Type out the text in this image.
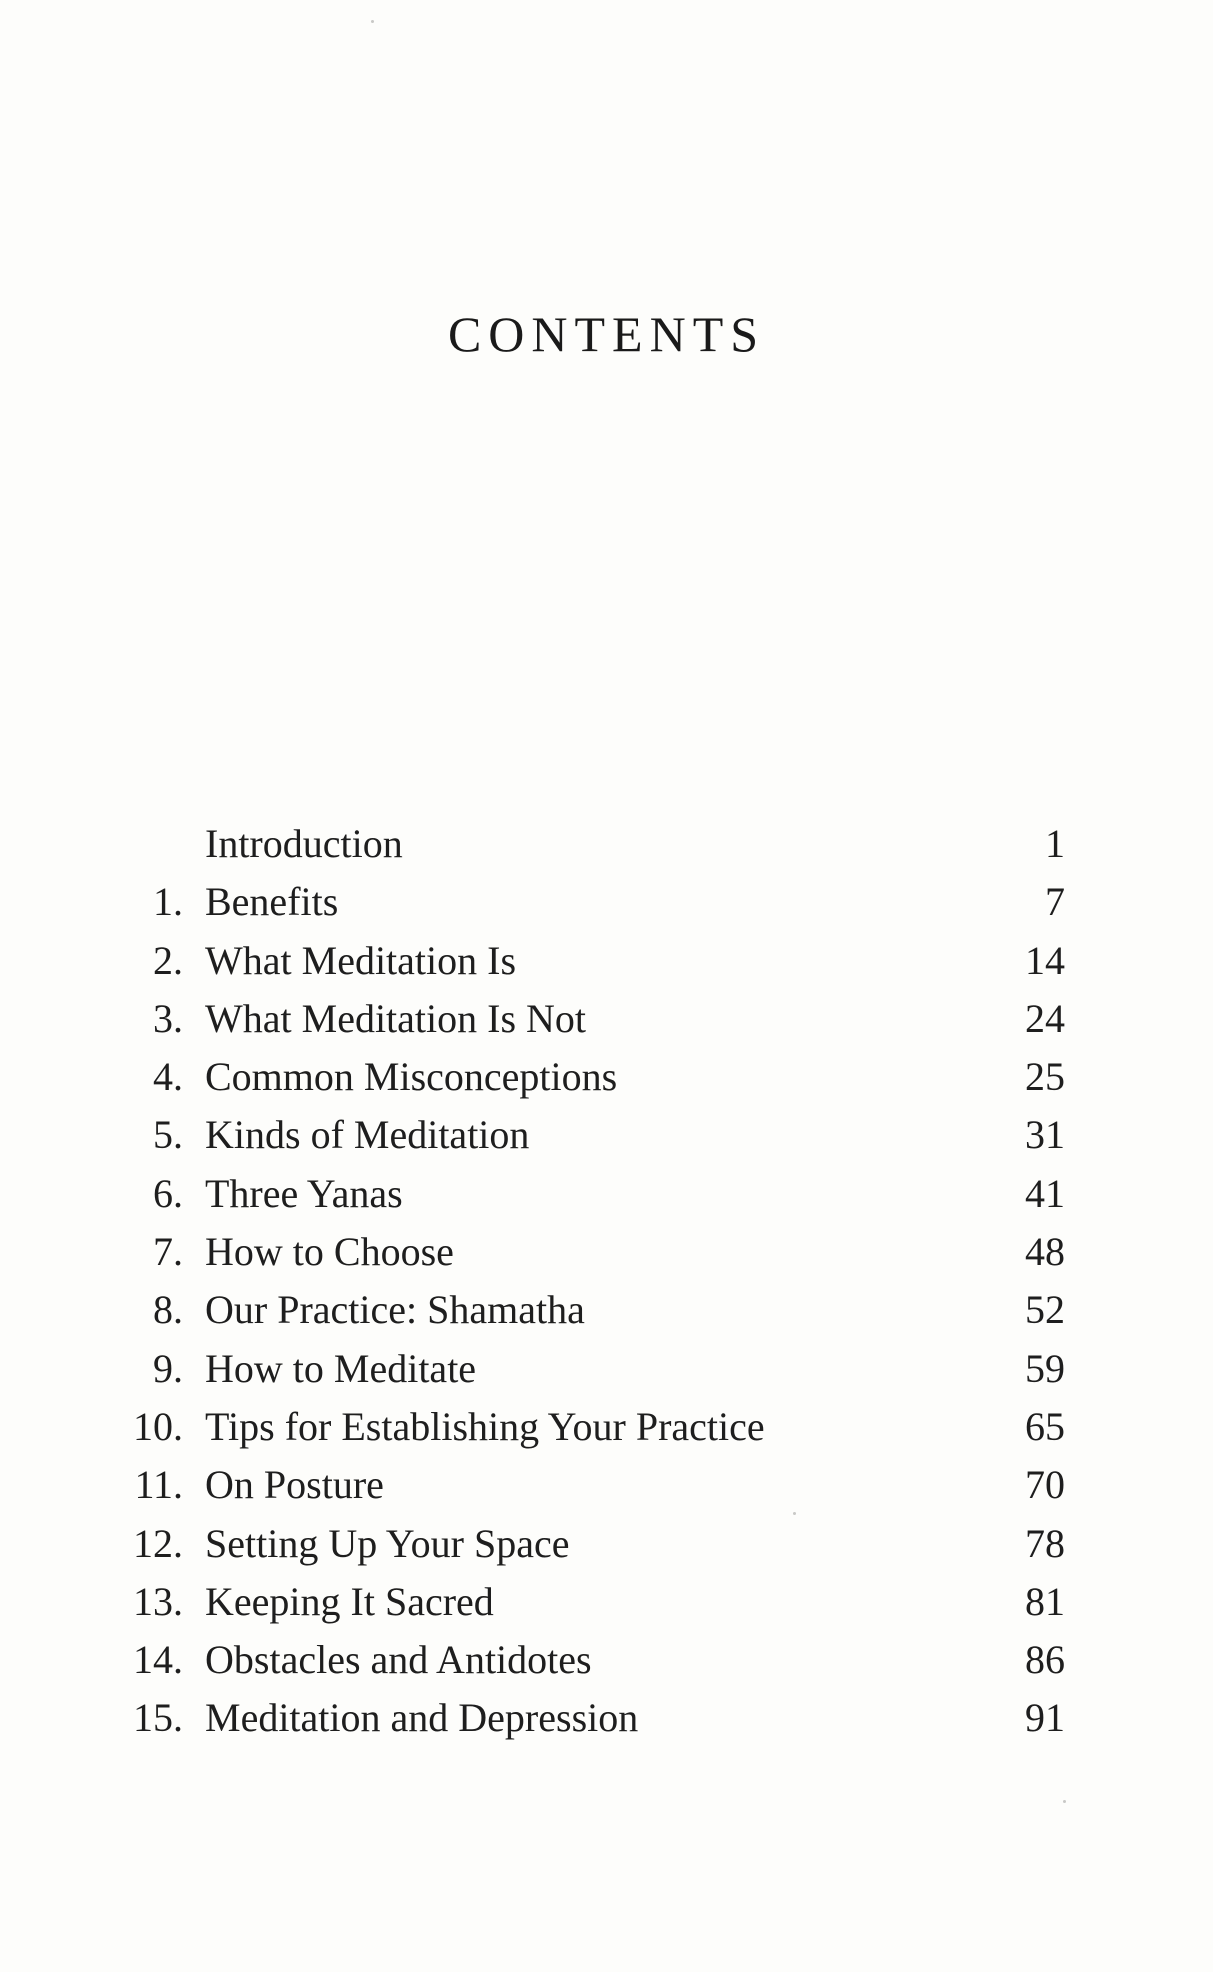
CONTENTS
Introduction	1
1. Benefits	7
2. What Meditation Is	14
3. What Meditation Is Not	24
4. Common Misconceptions	25
5. Kinds of Meditation	31
6. Three Yanas	41
7. How to Choose	48
8. Our Practice: Shamatha	52
9. How to Meditate	59
10. Tips for Establishing Your Practice	65
11. On Posture	70
12. Setting Up Your Space	78
13. Keeping It Sacred	81
14. Obstacles and Antidotes	86
15. Meditation and Depression	91
